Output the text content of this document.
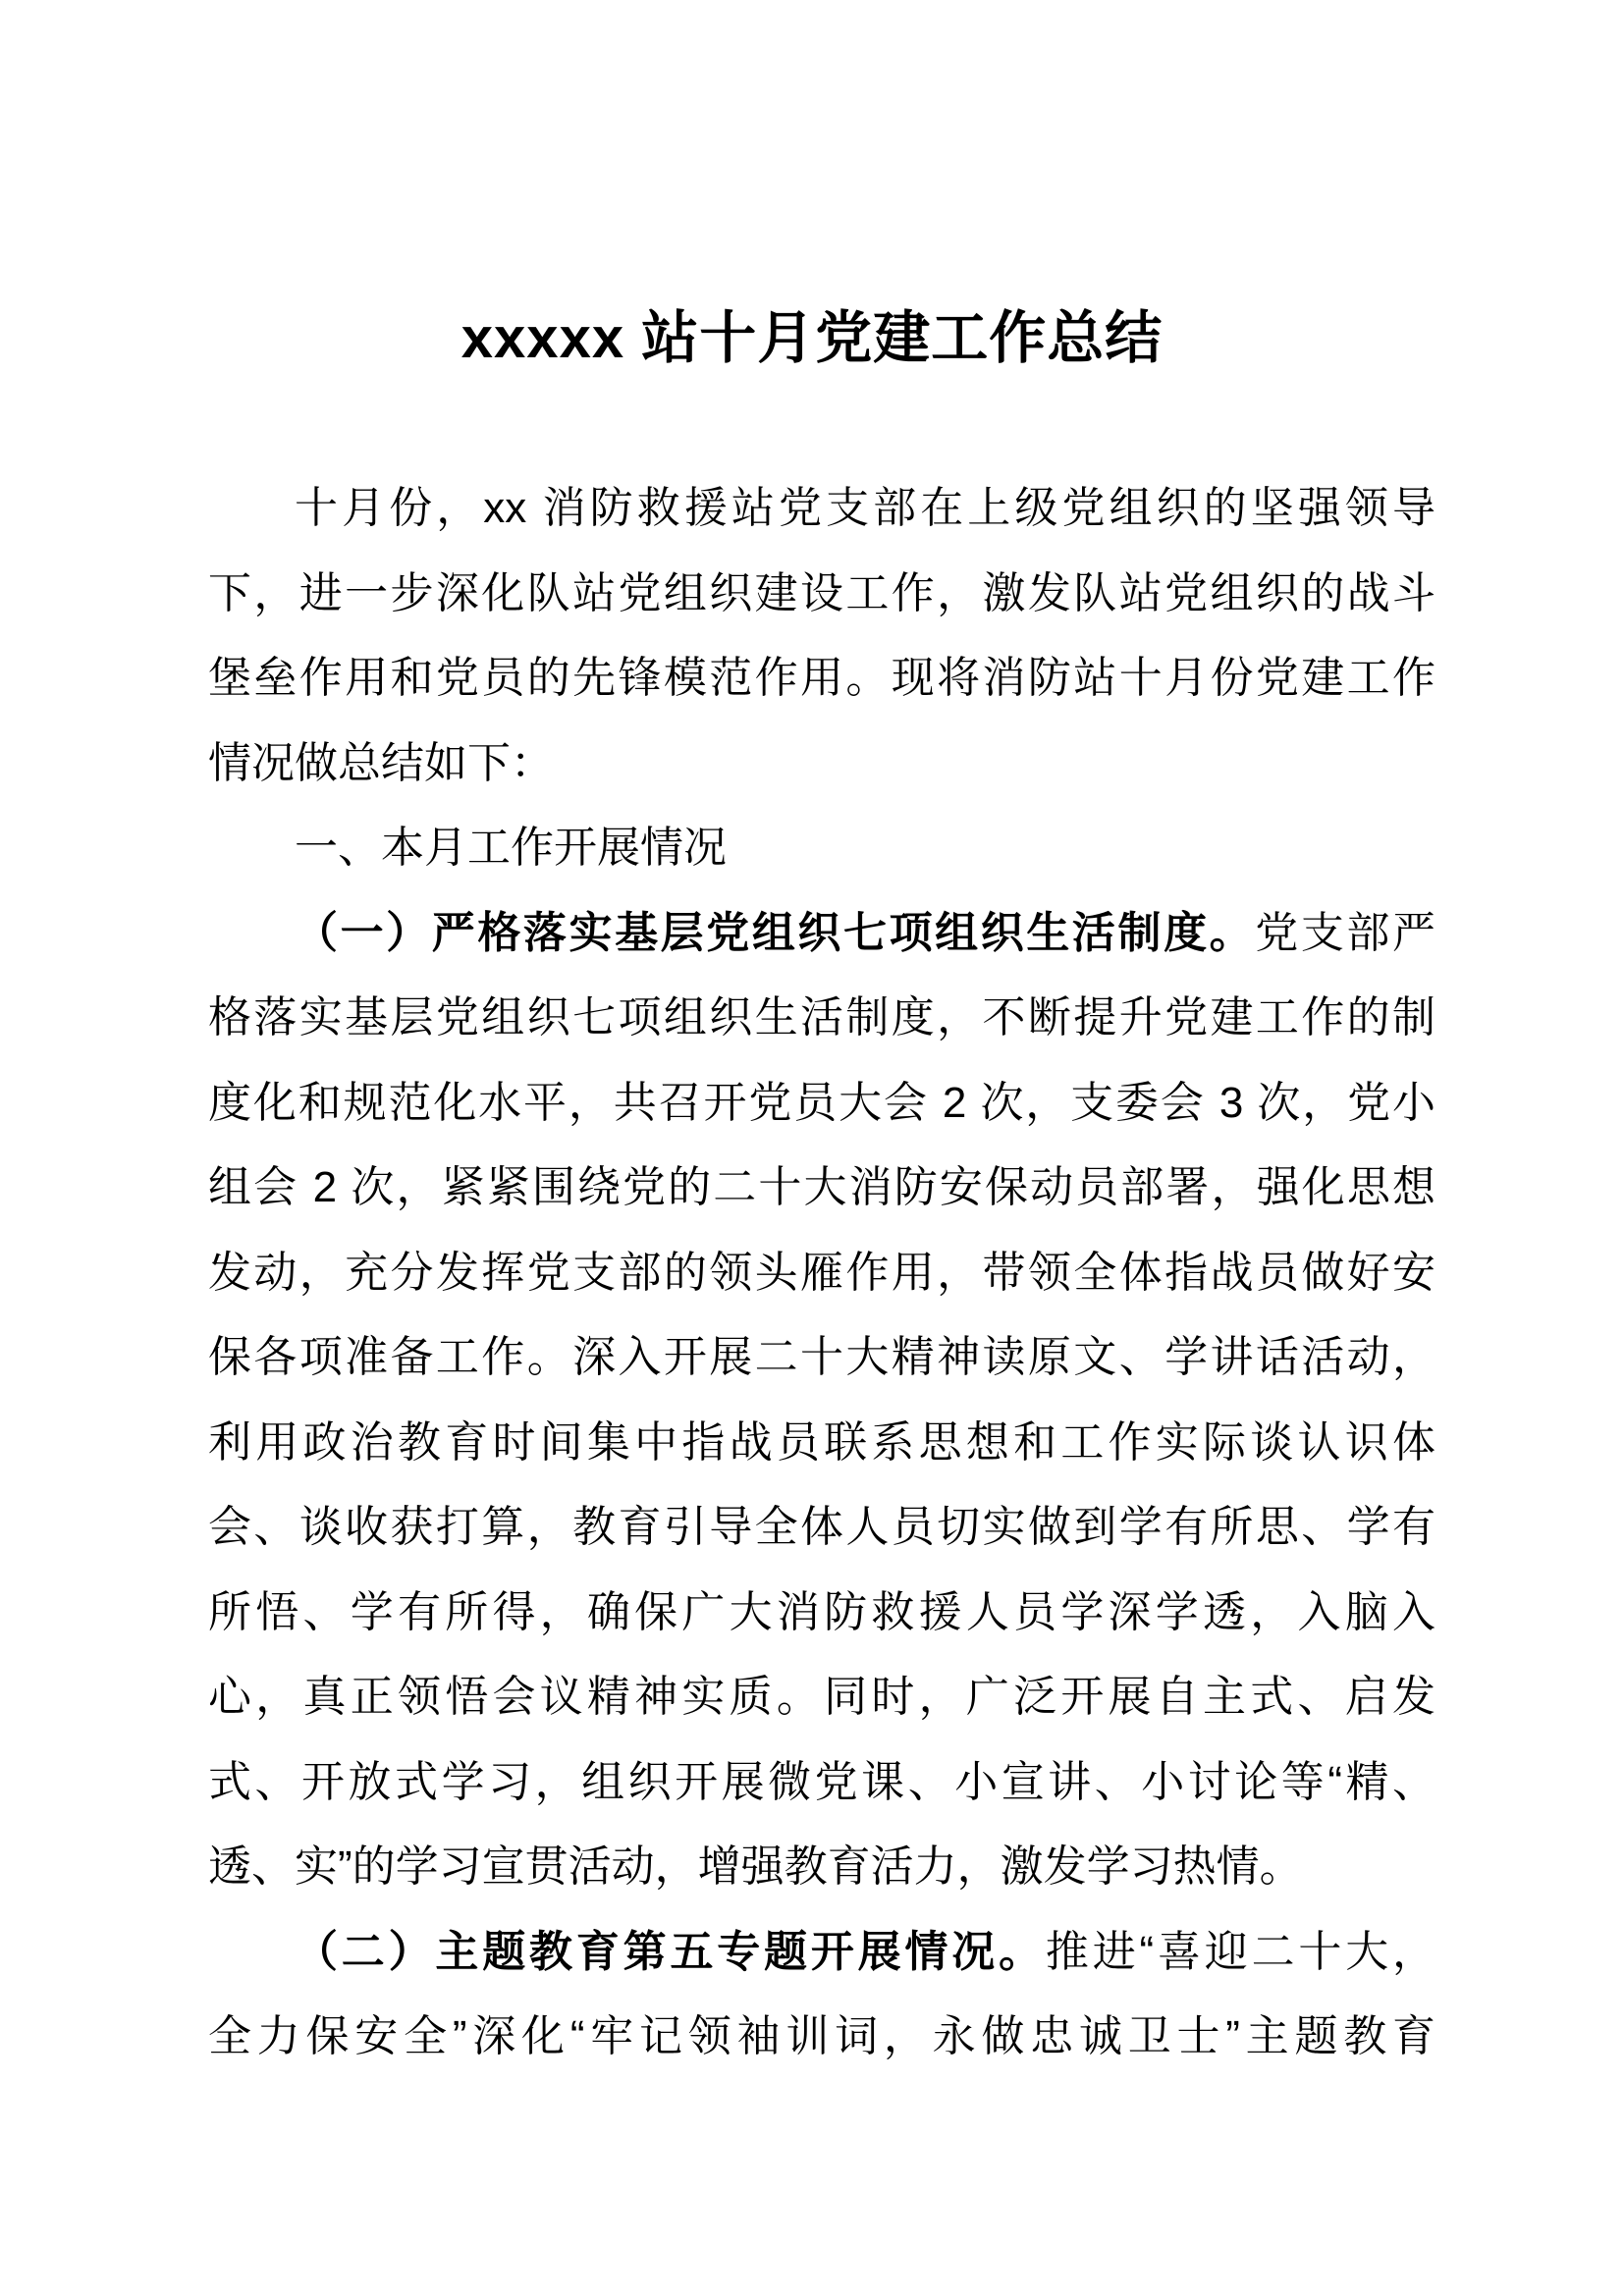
xxxxx 站十月党建工作总结
十月份，xx 消防救援站党支部在上级党组织的坚强领导
下，进一步深化队站党组织建设工作，激发队站党组织的战斗
堡垒作用和党员的先锋模范作用。现将消防站十月份党建工作
情况做总结如下：
一、本月工作开展情况
（一）严格落实基层党组织七项组织生活制度。党支部严
格落实基层党组织七项组织生活制度，不断提升党建工作的制
度化和规范化水平，共召开党员大会 2 次，支委会 3 次，党小
组会 2 次，紧紧围绕党的二十大消防安保动员部署，强化思想
发动，充分发挥党支部的领头雁作用，带领全体指战员做好安
保各项准备工作。深入开展二十大精神读原文、学讲话活动，
利用政治教育时间集中指战员联系思想和工作实际谈认识体
会、谈收获打算，教育引导全体人员切实做到学有所思、学有
所悟、学有所得，确保广大消防救援人员学深学透，入脑入
心，真正领悟会议精神实质。同时，广泛开展自主式、启发
式、开放式学习，组织开展微党课、小宣讲、小讨论等“精、
透、实”的学习宣贯活动，增强教育活力，激发学习热情。
（二）主题教育第五专题开展情况。推进“喜迎二十大，
全力保安全”深化“牢记领袖训词，永做忠诚卫士”主题教育
